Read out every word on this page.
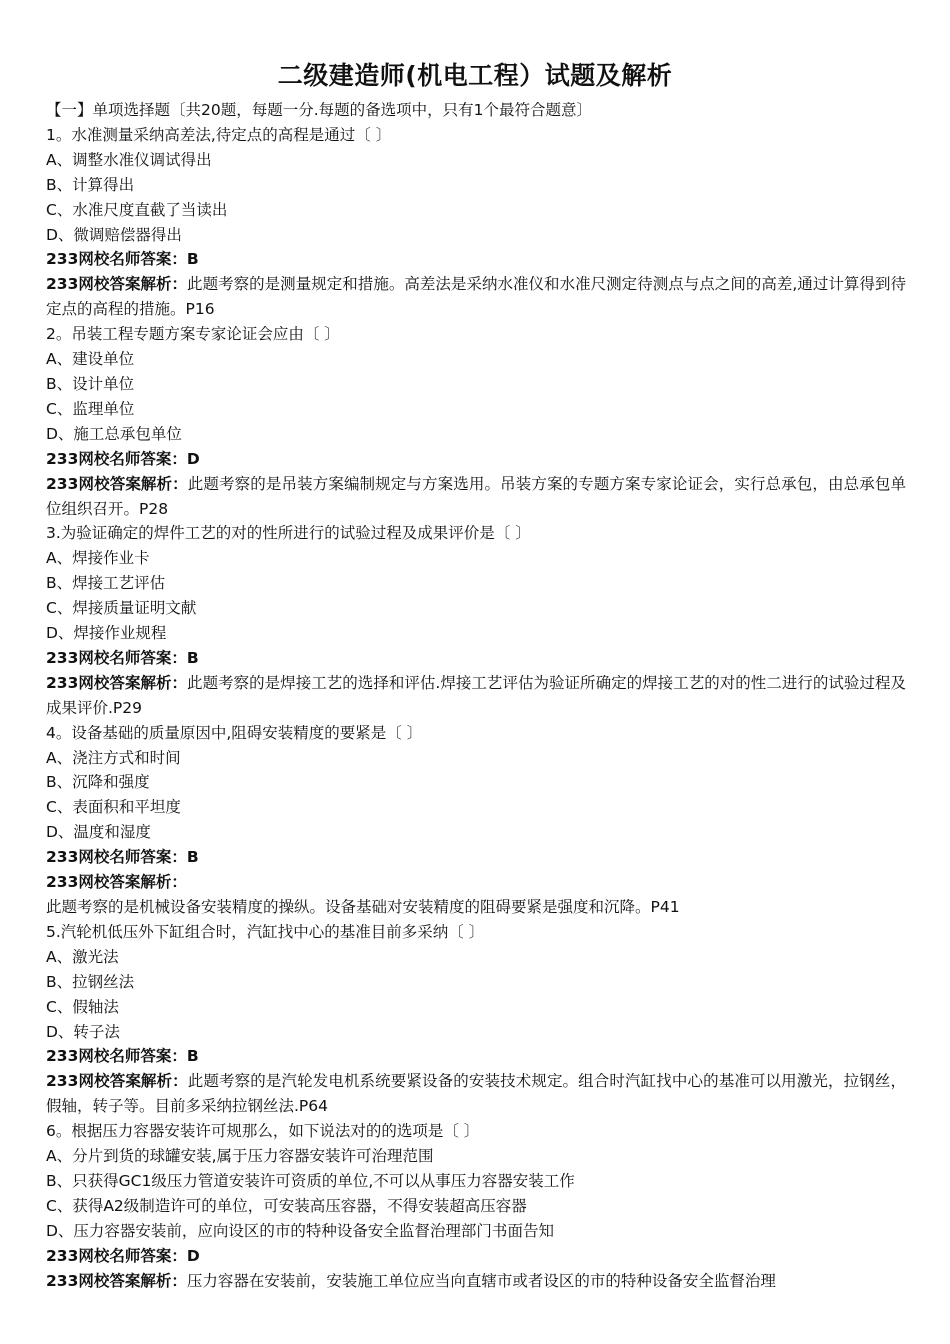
二级建造师(机电工程）试题及解析
【一】单项选择题〔共20题，每题一分.每题的备选项中，只有1个最符合题意〕
1。水准测量采纳高差法,待定点的高程是通过〔 〕
A、调整水准仪调试得出
B、计算得出
C、水准尺度直截了当读出
D、微调赔偿器得出
233网校名师答案：B
233网校答案解析：此题考察的是测量规定和措施。高差法是采纳水准仪和水准尺测定待测点与点之间的高差,通过计算得到待定点的高程的措施。P16
2。吊装工程专题方案专家论证会应由〔 〕
A、建设单位
B、设计单位
C、监理单位
D、施工总承包单位
233网校名师答案：D
233网校答案解析：此题考察的是吊装方案编制规定与方案选用。吊装方案的专题方案专家论证会，实行总承包，由总承包单位组织召开。P28
3.为验证确定的焊件工艺的对的性所进行的试验过程及成果评价是〔 〕
A、焊接作业卡
B、焊接工艺评估
C、焊接质量证明文献
D、焊接作业规程
233网校名师答案：B
233网校答案解析：此题考察的是焊接工艺的选择和评估.焊接工艺评估为验证所确定的焊接工艺的对的性二进行的试验过程及成果评价.P29
4。设备基础的质量原因中,阻碍安装精度的要紧是〔 〕
A、浇注方式和时间
B、沉降和强度
C、表面积和平坦度
D、温度和湿度
233网校名师答案：B
233网校答案解析：
此题考察的是机械设备安装精度的操纵。设备基础对安装精度的阻碍要紧是强度和沉降。P41
5.汽轮机低压外下缸组合时，汽缸找中心的基准目前多采纳〔 〕
A、激光法
B、拉钢丝法
C、假轴法
D、转子法
233网校名师答案：B
233网校答案解析：此题考察的是汽轮发电机系统要紧设备的安装技术规定。组合时汽缸找中心的基准可以用激光，拉钢丝，假轴，转子等。目前多采纳拉钢丝法.P64
6。根据压力容器安装许可规那么，如下说法对的的选项是〔 〕
A、分片到货的球罐安装,属于压力容器安装许可治理范围
B、只获得GC1级压力管道安装许可资质的单位,不可以从事压力容器安装工作
C、获得A2级制造许可的单位，可安装高压容器，不得安装超高压容器
D、压力容器安装前，应向设区的市的特种设备安全监督治理部门书面告知
233网校名师答案：D
233网校答案解析：压力容器在安装前，安装施工单位应当向直辖市或者设区的市的特种设备安全监督治理
